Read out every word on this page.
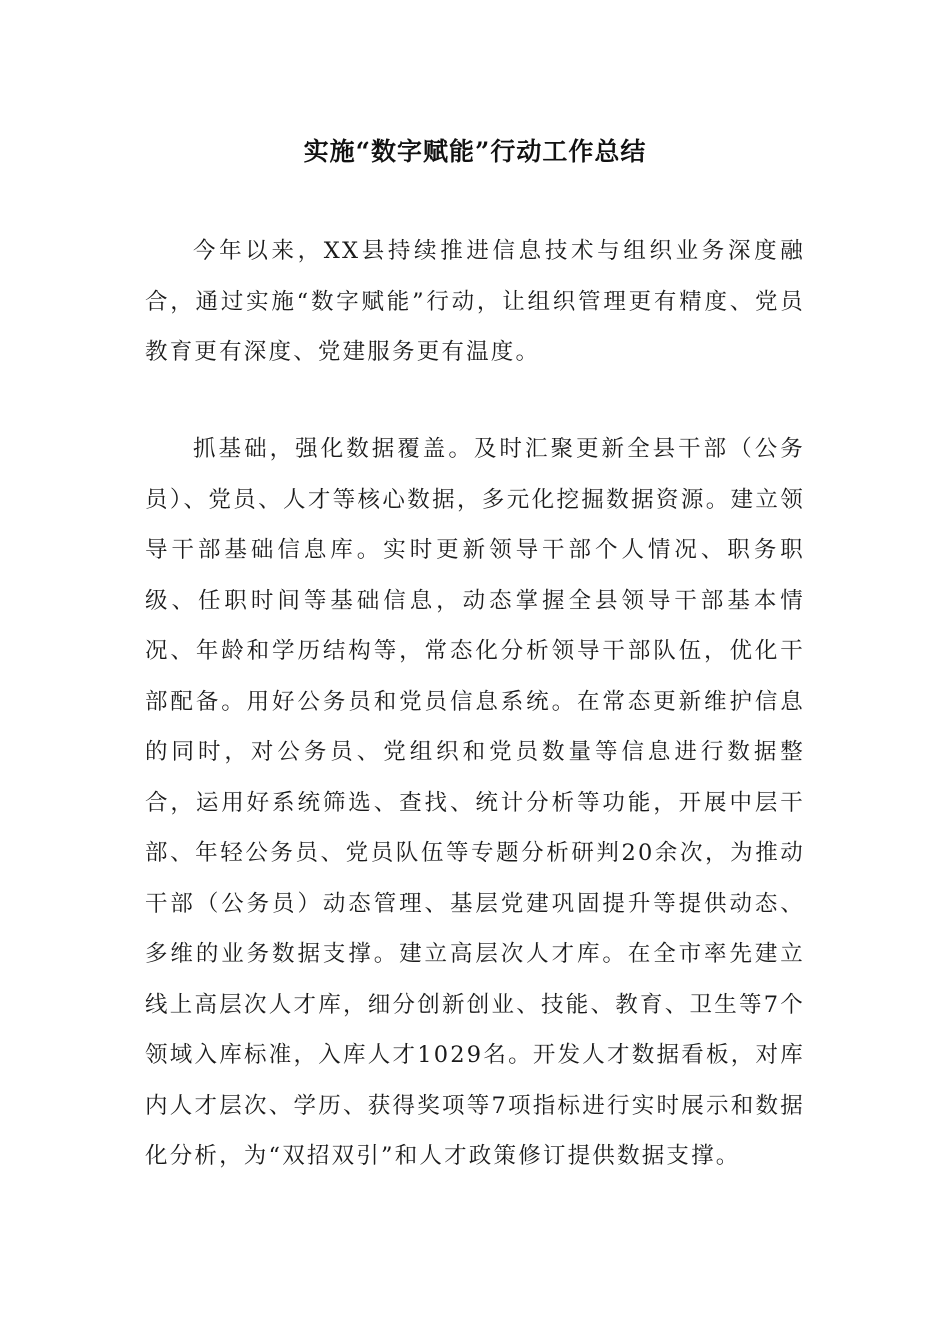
实施“数字赋能”行动工作总结

今年以来，XX县持续推进信息技术与组织业务深度融合，通过实施“数字赋能”行动，让组织管理更有精度、党员教育更有深度、党建服务更有温度。

抓基础，强化数据覆盖。及时汇聚更新全县干部（公务员）、党员、人才等核心数据，多元化挖掘数据资源。建立领导干部基础信息库。实时更新领导干部个人情况、职务职级、任职时间等基础信息，动态掌握全县领导干部基本情况、年龄和学历结构等，常态化分析领导干部队伍，优化干部配备。用好公务员和党员信息系统。在常态更新维护信息的同时，对公务员、党组织和党员数量等信息进行数据整合，运用好系统筛选、查找、统计分析等功能，开展中层干部、年轻公务员、党员队伍等专题分析研判20余次，为推动干部（公务员）动态管理、基层党建巩固提升等提供动态、多维的业务数据支撑。建立高层次人才库。在全市率先建立线上高层次人才库，细分创新创业、技能、教育、卫生等7个领域入库标准，入库人才1029名。开发人才数据看板，对库内人才层次、学历、获得奖项等7项指标进行实时展示和数据化分析，为“双招双引”和人才政策修订提供数据支撑。
